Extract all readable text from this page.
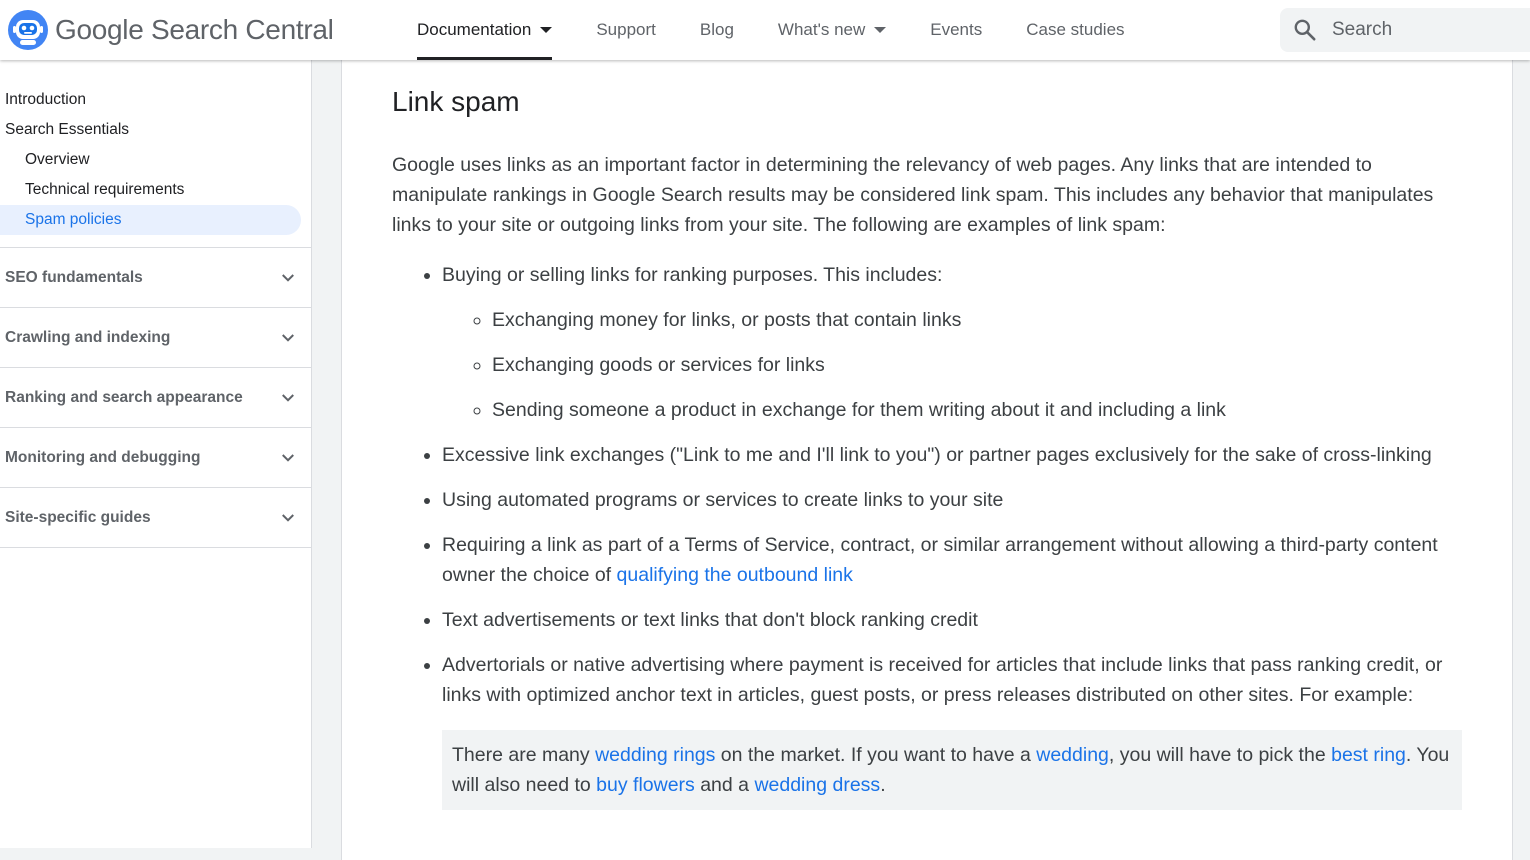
Google Search Central	Documentation	Support	Blog	What's new	Events	Case studies
Search
Introduction
Search Essentials
Overview
Technical requirements
Spam policies
SEO fundamentals
Crawling and indexing
Ranking and search appearance
Monitoring and debugging
Site-specific guides
Link spam

Google uses links as an important factor in determining the relevancy of web pages. Any links that are intended to manipulate rankings in Google Search results may be considered link spam. This includes any behavior that manipulates links to your site or outgoing links from your site. The following are examples of link spam:

• Buying or selling links for ranking purposes. This includes:
◦ Exchanging money for links, or posts that contain links
◦ Exchanging goods or services for links
◦ Sending someone a product in exchange for them writing about it and including a link
• Excessive link exchanges ("Link to me and I'll link to you") or partner pages exclusively for the sake of cross-linking
• Using automated programs or services to create links to your site
• Requiring a link as part of a Terms of Service, contract, or similar arrangement without allowing a third-party content owner the choice of qualifying the outbound link
• Text advertisements or text links that don't block ranking credit
• Advertorials or native advertising where payment is received for articles that include links that pass ranking credit, or links with optimized anchor text in articles, guest posts, or press releases distributed on other sites. For example:
There are many wedding rings on the market. If you want to have a wedding, you will have to pick the best ring. You will also need to buy flowers and a wedding dress.
